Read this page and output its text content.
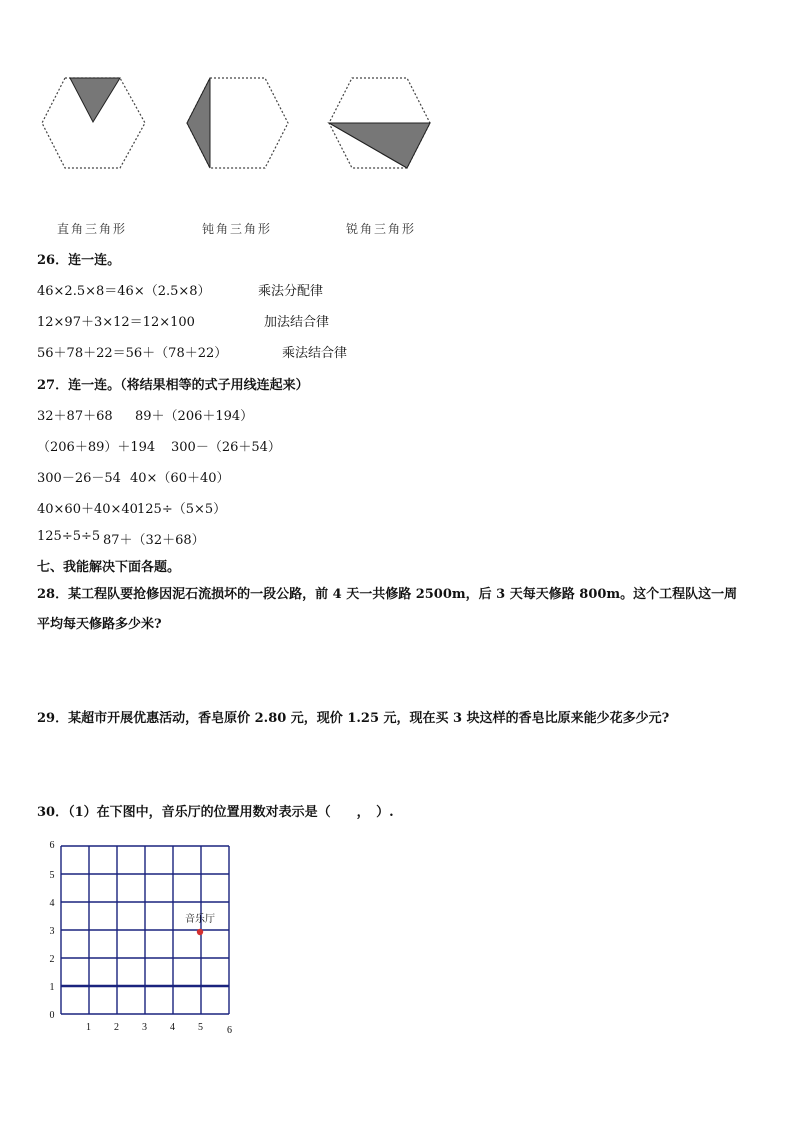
直角三角形	钝角三角形	锐角三角形
26．连一连。
46×2.5×8＝46×（2.5×8）	乘法分配律
12×97＋3×12＝12×100	加法结合律
56＋78＋22＝56＋（78＋22）	乘法结合律
27．连一连。（将结果相等的式子用线连起来）
32＋87＋68 89＋（206＋194）
（206＋89）＋194 300－（26＋54）
300－26－54 40×（60＋40）
40×60＋40×40 125÷（5×5）
125÷5÷5 87＋（32＋68）
七、我能解决下面各题。
28．某工程队要抢修因泥石流损坏的一段公路，前 4 天一共修路 2500m，后 3 天每天修路 800m。这个工程队这一周
平均每天修路多少米?
29．某超市开展优惠活动，香皂原价 2.80 元，现价 1.25 元，现在买 3 块这样的香皂比原来能少花多少元?
30．（1）在下图中，音乐厅的位置用数对表示是（　　，　）.
1 2 3 4 5 6
0
1
2
3
4
5
6
音乐厅
